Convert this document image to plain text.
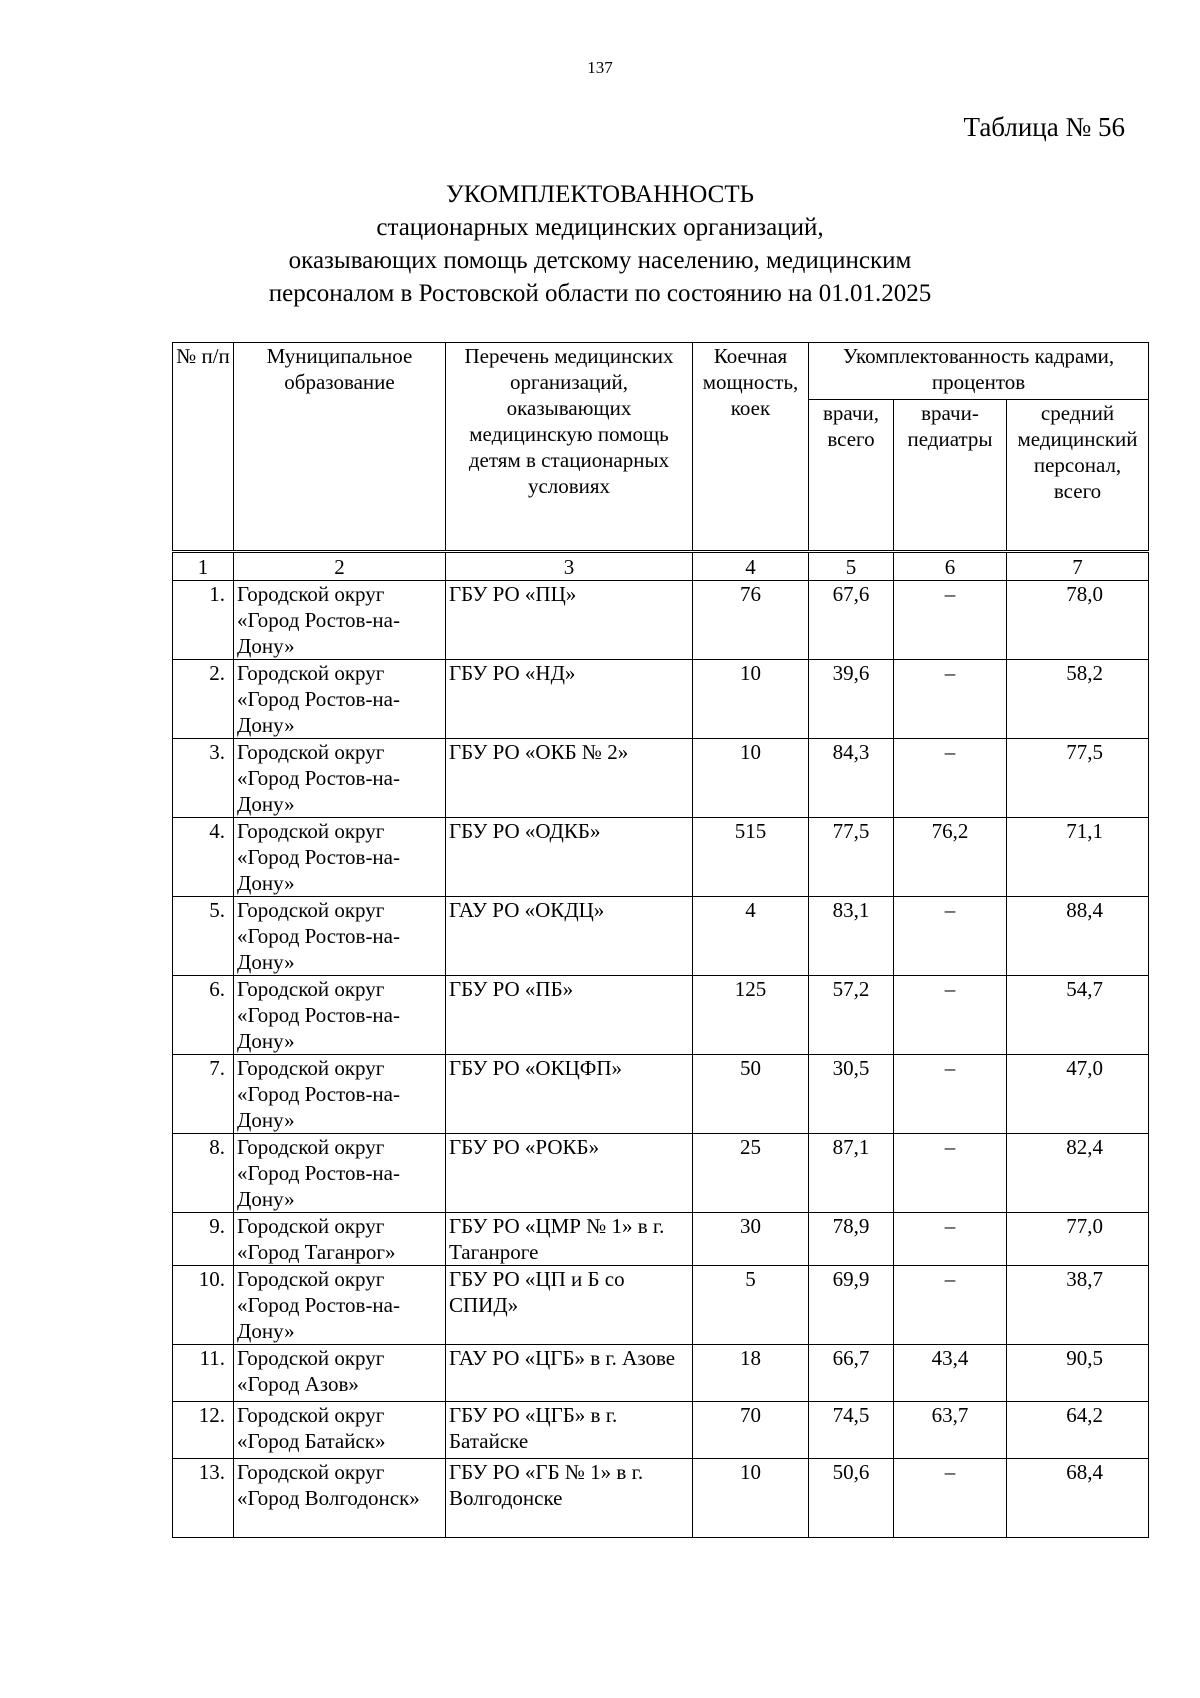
137
Таблица № 56
УКОМПЛЕКТОВАННОСТЬ
стационарных медицинских организаций,
оказывающих помощь детскому населению, медицинским
персоналом в Ростовской области по состоянию на 01.01.2025
№ п/п	Муниципальное образование	Перечень медицинских организаций, оказывающих медицинскую помощь детям в стационарных условиях	Коечная мощность, коек	Укомплектованность кадрами, процентов		
				врачи, всего	врачи-педиатры	средний медицинский персонал, всего
1	2	3	4	5	6	7
1.	Городской округ «Город Ростов-на-Дону»	ГБУ РО «ПЦ»	76	67,6	–	78,0
2.	Городской округ «Город Ростов-на-Дону»	ГБУ РО «НД»	10	39,6	–	58,2
3.	Городской округ «Город Ростов-на-Дону»	ГБУ РО «ОКБ № 2»	10	84,3	–	77,5
4.	Городской округ «Город Ростов-на-Дону»	ГБУ РО «ОДКБ»	515	77,5	76,2	71,1
5.	Городской округ «Город Ростов-на-Дону»	ГАУ РО «ОКДЦ»	4	83,1	–	88,4
6.	Городской округ «Город Ростов-на-Дону»	ГБУ РО «ПБ»	125	57,2	–	54,7
7.	Городской округ «Город Ростов-на-Дону»	ГБУ РО «ОКЦФП»	50	30,5	–	47,0
8.	Городской округ «Город Ростов-на-Дону»	ГБУ РО «РОКБ»	25	87,1	–	82,4
9.	Городской округ «Город Таганрог»	ГБУ РО «ЦМР № 1» в г. Таганроге	30	78,9	–	77,0
10.	Городской округ «Город Ростов-на-Дону»	ГБУ РО «ЦП и Б со СПИД»	5	69,9	–	38,7
11.	Городской округ «Город Азов»	ГАУ РО «ЦГБ» в г. Азове	18	66,7	43,4	90,5
12.	Городской округ «Город Батайск»	ГБУ РО «ЦГБ» в г. Батайске	70	74,5	63,7	64,2
13.	Городской округ «Город Волгодонск»	ГБУ РО «ГБ № 1» в г. Волгодонске	10	50,6	–	68,4
